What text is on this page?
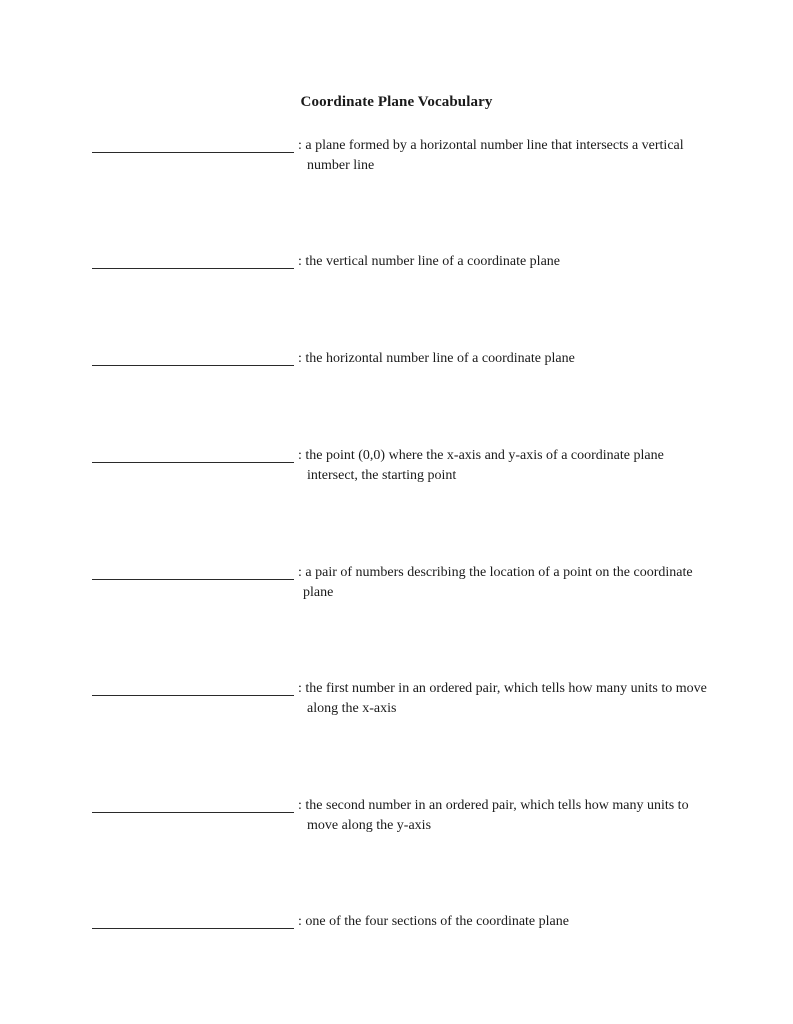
Coordinate Plane Vocabulary
: a plane formed by a horizontal number line that intersects a vertical number line
: the vertical number line of a coordinate plane
: the horizontal number line of a coordinate plane
: the point (0,0) where the x-axis and y-axis of a coordinate plane intersect, the starting point
: a pair of numbers describing the location of a point on the coordinate plane
: the first number in an ordered pair, which tells how many units to move along the x-axis
: the second number in an ordered pair, which tells how many units to move along the y-axis
: one of the four sections of the coordinate plane
